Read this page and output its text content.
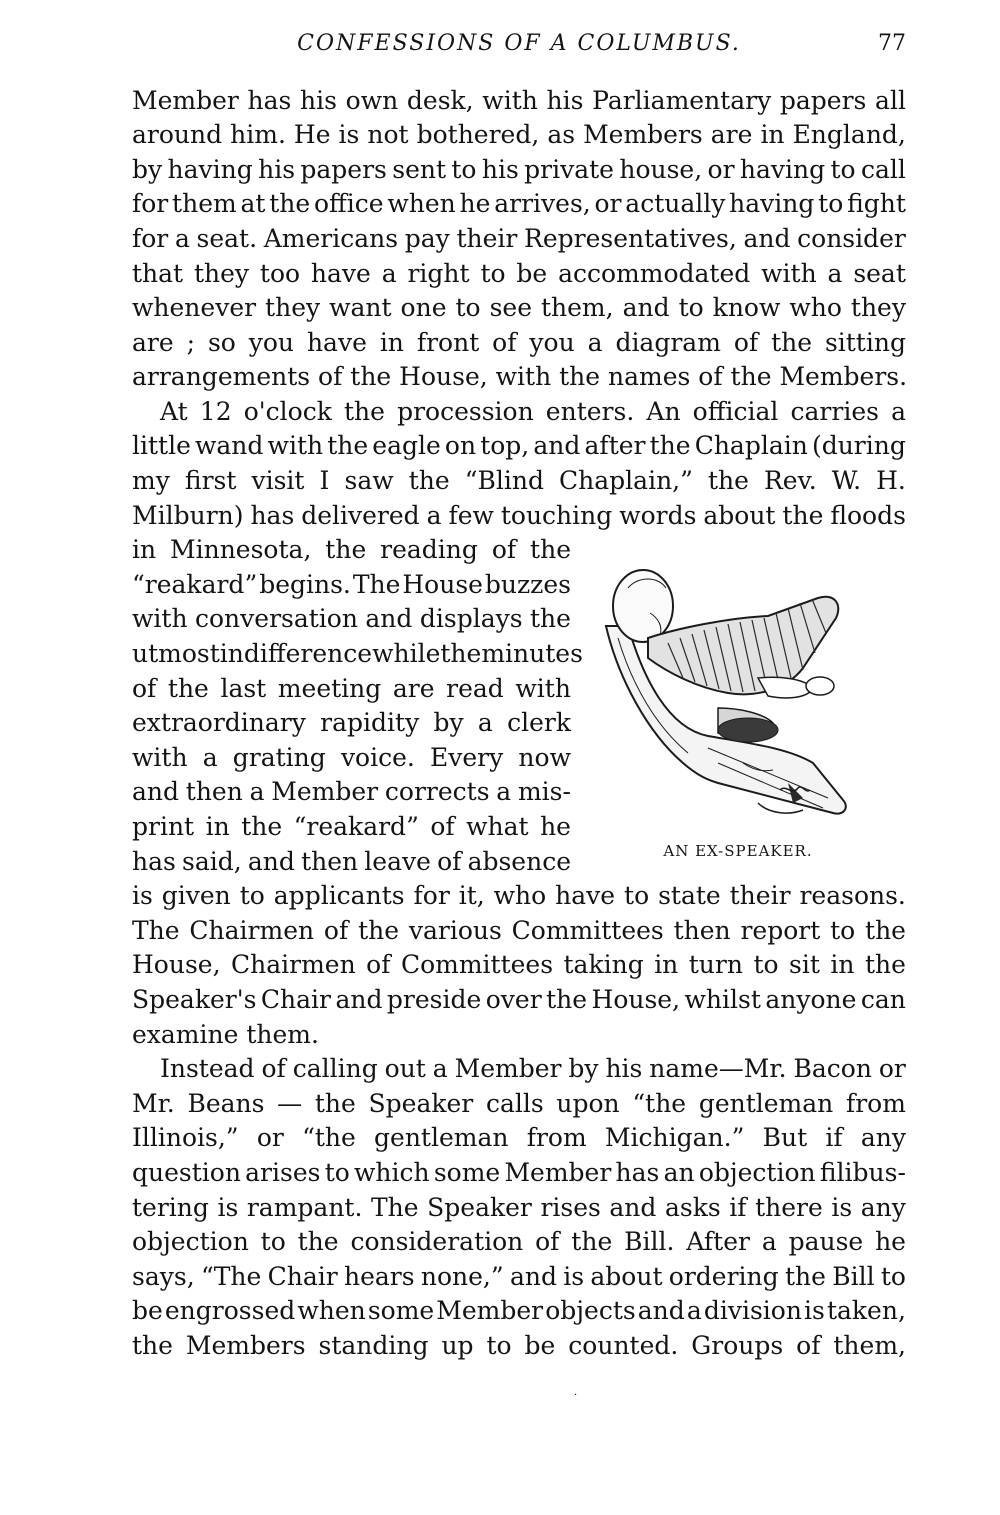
CONFESSIONS OF A COLUMBUS.	77
Member has his own desk, with his Parliamentary papers all
around him. He is not bothered, as Members are in England,
by having his papers sent to his private house, or having to call
for them at the office when he arrives, or actually having to fight
for a seat. Americans pay their Representatives, and consider
that they too have a right to be accommodated with a seat
whenever they want one to see them, and to know who they
are ; so you have in front of you a diagram of the sitting
arrangements of the House, with the names of the Members.
At 12 o'clock the procession enters. An official carries a
little wand with the eagle on top, and after the Chaplain (during
my first visit I saw the “Blind Chaplain,” the Rev. W. H.
Milburn) has delivered a few touching words about the floods
in Minnesota, the reading of the
“reakard” begins. The House buzzes
with conversation and displays the
utmost indifference while the minutes
of the last meeting are read with
extraordinary rapidity by a clerk
with a grating voice. Every now
and then a Member corrects a mis-
print in the “reakard” of what he
has said, and then leave of absence
is given to applicants for it, who have to state their reasons.
The Chairmen of the various Committees then report to the
House, Chairmen of Committees taking in turn to sit in the
Speaker's Chair and preside over the House, whilst anyone can
examine them.
Instead of calling out a Member by his name—Mr. Bacon or
Mr. Beans — the Speaker calls upon “the gentleman from
Illinois,” or “the gentleman from Michigan.” But if any
question arises to which some Member has an objection filibus-
tering is rampant. The Speaker rises and asks if there is any
objection to the consideration of the Bill. After a pause he
says, “The Chair hears none,” and is about ordering the Bill to
be engrossed when some Member objects and a division is taken,
the Members standing up to be counted. Groups of them,
AN EX-SPEAKER.
·
